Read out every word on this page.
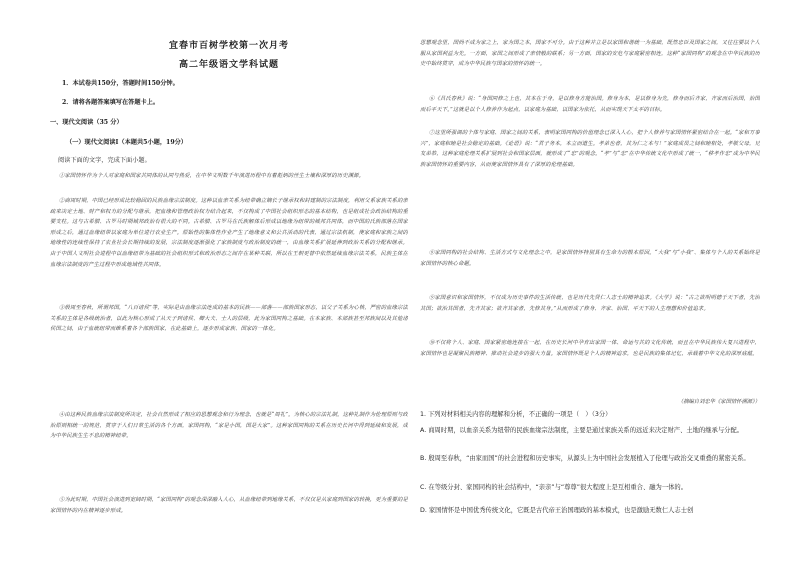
宜春市百树学校第一次月考
高二年级语文学科试题
1．本试卷共150分，答题时间150分钟。
2．请将各题答案填写在答题卡上。
一、现代文阅读（35 分）
（一）现代文阅读Ⅰ（本题共5小题，19分）
阅读下面的文字，完成下面小题。
①家国情怀作为个人对家庭和国家共同体的认同与热爱，在中华文明数千年演进历程中有着彪炳的丝生土壤和深厚的历史渊源。
②商周时期，中国已经形成比较稳固的民族血缘宗法制度。这种以血亲关系为纽带确立嫡长子继承权和封建制的宗法制度，利用父系家族关系的亲疏来决定土地、财产和权力的分配与继承，把血缘和管理政治权力结合起来，不仅构成了中国社会组织形态的基本结构，也是组成社会政治结构的重要支柱。这与古希腊、古罗马时期城邦政治有很大的不同。古希腊、古罗马在氏族解体后形成以地缘为纽带的城邦共同体，而中国的氏族部落在国家形成之后，通过血缘纽带以家庭为单位进行农业生产。原始性的集体性作业产生了地缘意义和公共活动的代表，通过宗法机制，使家庭和家族之间的地缘性的连续性保持了农业社会长期持续的发展，宗法制度逐渐强化了家族制度与政治制度的统一，由血缘关系扩展延伸到政治关系的分配和继承。由于中国人文明社会进程中以血缘纽带为基础的社会组织形式和政治形态之间存在某种关联，所以在王朝更替中依然延续血缘宗法关系，民族主体在血缘宗法制度的产生过程中形成地域性共同体。
③殷周至春秋，所谓邦国，“八百诸侯”等，实际是由血缘宗法连成的基本的民族——部落——部族国家形态，以父子关系为心核，严密的血缘宗法关系的主体是各级统治者，以此为核心形成了从天子到诸侯、卿大夫、士人的层级，此为家国同构之基础。在本家族、本部族甚至邦族间以及其他诸侯国之间，由于血统纽带而维系着各个部族国家，在此基础上，逐步形成家族、国家的一体化。
④由这种民族血缘宗法制度所决定，社会自然形成了相应的思想观念和行为理念，也就是“周礼”。为核心的宗法礼制。这种礼制作为伦理原则与政治原则相统一的规范，贯穿于人们日常生活的各个方面，家国同构，“家是小国，国是大家”。这种家国同构的关系在历史长河中得到延续和发展，成为中华民族生生不息的精神纽带。
⑤为此时期，中国社会演进到宽阔时期，“家国同构”的观念深深融入人心，从血缘纽带到地缘关系，不仅仅是从家庭到国家的转换，更为重要的是家国情怀的内在精神逐步形成。
思想观念里，国尚不成为家之上，家为国之本，国家不可分。由于这种并立是以家国和谐统一为基础，既然忠臣及国家之间，又往往要以个人服从家国利益为先。一方面，家国之间形成了亲情般的联系；另一方面，国家的安危与家庭紧密相连，这种“家国同构”的观念在中华民族的历史中始终贯穿，成为中华民族与国家的情怀的统一。
⑥《吕氏春秋》说：“身国同修之上也，其本在于身，是以修身方能治国。修身为本，是以修身为先，修身而后齐家，齐家而后治国，治国而后平天下。”这就是以个人修养作为起点，以家庭为基础，以国家为依托，从而实现天下太平的目标。
⑦这里所强调的个体与家庭、国家之间的关系，表明家国同构的价值理念已深入人心，把个人修养与家国情怀紧密结合在一起。“家和万事兴”，家庭和睦是社会稳定的基础。《论语》说：“君子务本，本立而道生。孝弟也者，其为仁之本与！”家庭成员之间和睦相处，孝敬父母，兄友弟恭，这种家庭伦理关系扩展到社会和国家层面，就形成了“忠”的观念。“孝”与“忠”在中华传统文化中形成了统一，“移孝作忠”成为中华民族家国情怀的重要内容，从而使家国情怀具有了深厚的伦理基础。
⑧家国同构的社会结构、生活方式与文化理念之中，是家国情怀特别具有生命力的根本原因。“大我”与“小我”、集体与个人的关系始终是家国情怀的核心命题。
⑨家国意识和家国情怀，不仅成为历史事件的生活传统，也是历代先贤仁人志士的精神追求。《大学》说：“古之欲明明德于天下者，先治其国；欲治其国者，先齐其家；欲齐其家者，先修其身。”从而形成了修身、齐家、治国、平天下的人生理想和价值追求。
⑩不仅将个人、家庭、国家紧密地连接在一起，在历史长河中孕育出家国一体、命运与共的文化传统，而且在中华民族伟大复兴进程中，家国情怀也是凝聚民族精神、推动社会进步的强大力量。家国情怀既是个人的精神追求，也是民族的集体记忆，承载着中华文化的深厚底蕴。
（摘编自刘忠华《家国情怀溯源》）
1. 下列对材料相关内容的理解和分析，不正确的一项是（　）（3分）
A. 商周时期，以血亲关系为纽带的民族血缘宗法制度，主要是通过家族关系的远近来决定财产、土地的继承与分配。
B. 殷周至春秋，“由家而国”的社会进程和历史事实，从源头上为中国社会发展植入了伦理与政治交叉重叠的紧密关系。
C. 在等级分封、家国同构的社会结构中，“亲亲”与“尊尊”很大程度上是互相重合、融为一体的。
D. 家国情怀是中国优秀传统文化，它既是古代帝王治国理政的基本模式，也是激励无数仁人志士创
